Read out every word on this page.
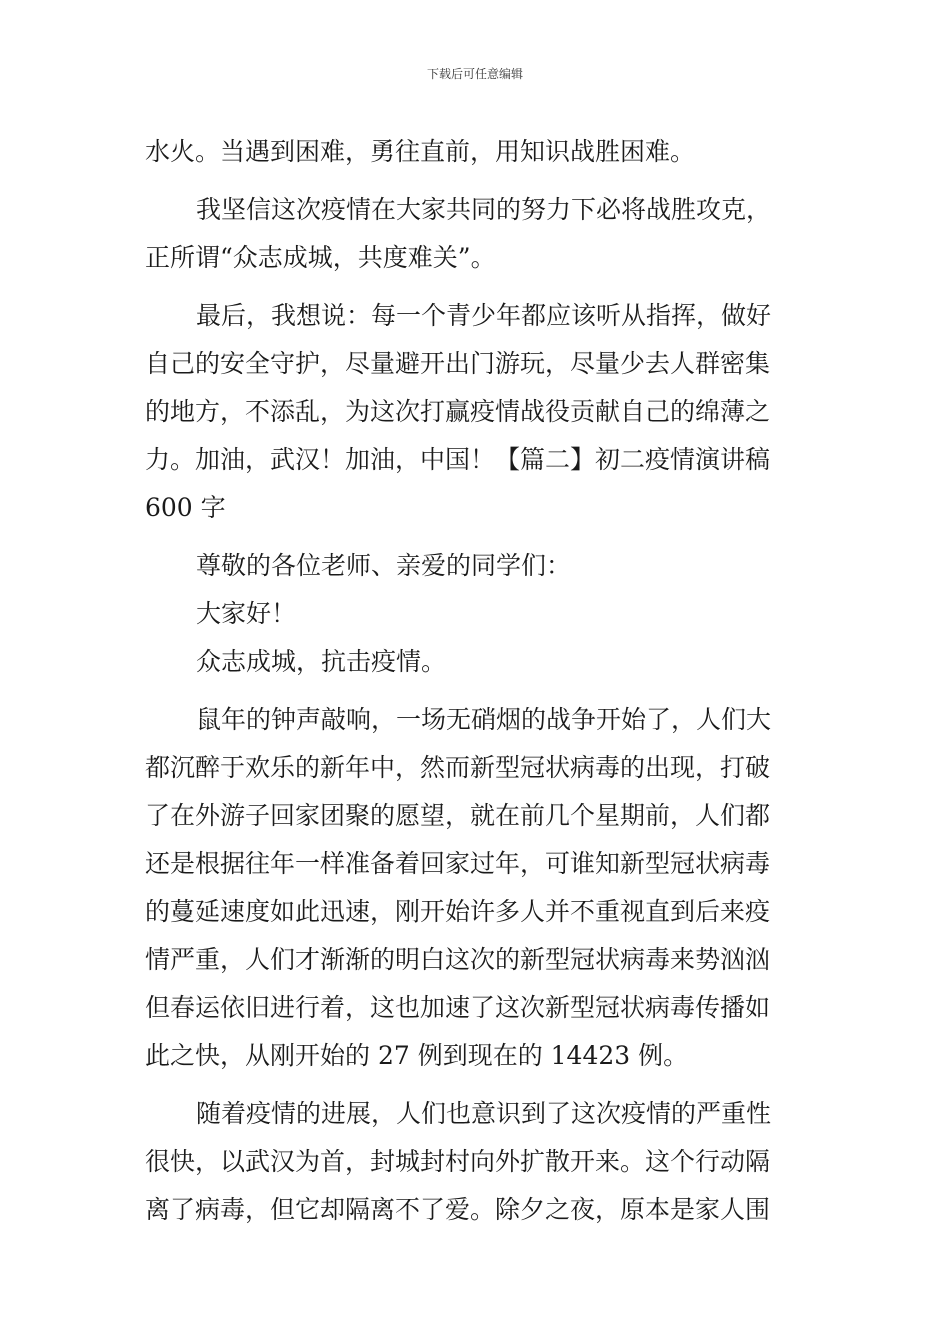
下载后可任意编辑
水火。当遇到困难，勇往直前，用知识战胜困难。
我坚信这次疫情在大家共同的努力下必将战胜攻克，
正所谓“众志成城，共度难关”。
最后，我想说：每一个青少年都应该听从指挥，做好
自己的安全守护，尽量避开出门游玩，尽量少去人群密集
的地方，不添乱，为这次打赢疫情战役贡献自己的绵薄之
力。加油，武汉！加油，中国！【篇二】初二疫情演讲稿
600 字
尊敬的各位老师、亲爱的同学们：
大家好！
众志成城，抗击疫情。
鼠年的钟声敲响，一场无硝烟的战争开始了，人们大
都沉醉于欢乐的新年中，然而新型冠状病毒的出现，打破
了在外游子回家团聚的愿望，就在前几个星期前，人们都
还是根据往年一样准备着回家过年，可谁知新型冠状病毒
的蔓延速度如此迅速，刚开始许多人并不重视直到后来疫
情严重，人们才渐渐的明白这次的新型冠状病毒来势汹汹
但春运依旧进行着，这也加速了这次新型冠状病毒传播如
此之快，从刚开始的 27 例到现在的 14423 例。
随着疫情的进展，人们也意识到了这次疫情的严重性
很快，以武汉为首，封城封村向外扩散开来。这个行动隔
离了病毒，但它却隔离不了爱。除夕之夜，原本是家人围
